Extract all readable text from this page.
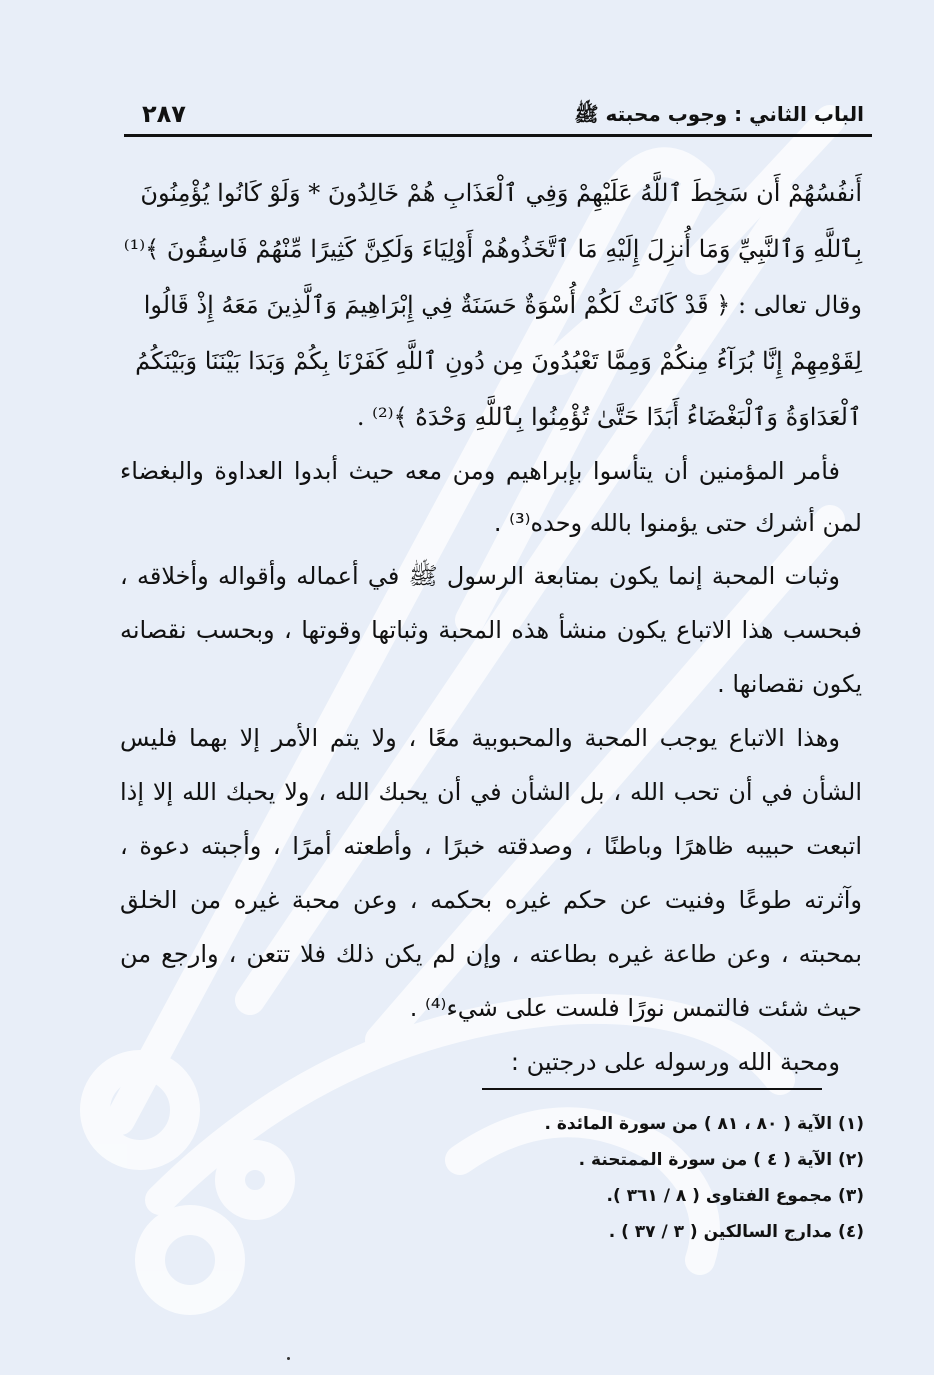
٢٨٧	الباب الثاني : وجوب محبته ﷺ
أَنفُسُهُمْ أَن سَخِطَ ٱللَّهُ عَلَيْهِمْ وَفِي ٱلْعَذَابِ هُمْ خَالِدُونَ * وَلَوْ كَانُوا يُؤْمِنُونَ
بِٱللَّهِ وَٱلنَّبِيِّ وَمَا أُنزِلَ إِلَيْهِ مَا ٱتَّخَذُوهُمْ أَوْلِيَاءَ وَلَكِنَّ كَثِيرًا مِّنْهُمْ فَاسِقُونَ ﴾⁽¹⁾
وقال تعالى : ﴿ قَدْ كَانَتْ لَكُمْ أُسْوَةٌ حَسَنَةٌ فِي إِبْرَاهِيمَ وَٱلَّذِينَ مَعَهُ إِذْ قَالُوا
لِقَوْمِهِمْ إِنَّا بُرَآءُ مِنكُمْ وَمِمَّا تَعْبُدُونَ مِن دُونِ ٱللَّهِ كَفَرْنَا بِكُمْ وَبَدَا بَيْنَنَا وَبَيْنَكُمُ
ٱلْعَدَاوَةُ وَٱلْبَغْضَاءُ أَبَدًا حَتَّىٰ تُؤْمِنُوا بِٱللَّهِ وَحْدَهُ ﴾⁽²⁾ .

فأمر المؤمنين أن يتأسوا بإبراهيم ومن معه حيث أبدوا العداوة والبغضاء لمن أشرك حتى يؤمنوا بالله وحده⁽³⁾ .

وثبات المحبة إنما يكون بمتابعة الرسول ﷺ في أعماله وأقواله وأخلاقه ، فبحسب هذا الاتباع يكون منشأ هذه المحبة وثباتها وقوتها ، وبحسب نقصانه يكون نقصانها .

وهذا الاتباع يوجب المحبة والمحبوبية معًا ، ولا يتم الأمر إلا بهما فليس الشأن في أن تحب الله ، بل الشأن في أن يحبك الله ، ولا يحبك الله إلا إذا اتبعت حبيبه ظاهرًا وباطنًا ، وصدقته خبرًا ، وأطعته أمرًا ، وأجبته دعوة ، وآثرته طوعًا وفنيت عن حكم غيره بحكمه ، وعن محبة غيره من الخلق بمحبته ، وعن طاعة غيره بطاعته ، وإن لم يكن ذلك فلا تتعن ، وارجع من حيث شئت فالتمس نورًا فلست على شيء⁽⁴⁾ .

ومحبة الله ورسوله على درجتين :

(١) الآية ( ٨٠ ، ٨١ ) من سورة المائدة .

(٢) الآية ( ٤ ) من سورة الممتحنة .

(٣) مجموع الفتاوى ( ٨ / ٣٦١ ).

(٤) مدارج السالكين ( ٣ / ٣٧ ) .
